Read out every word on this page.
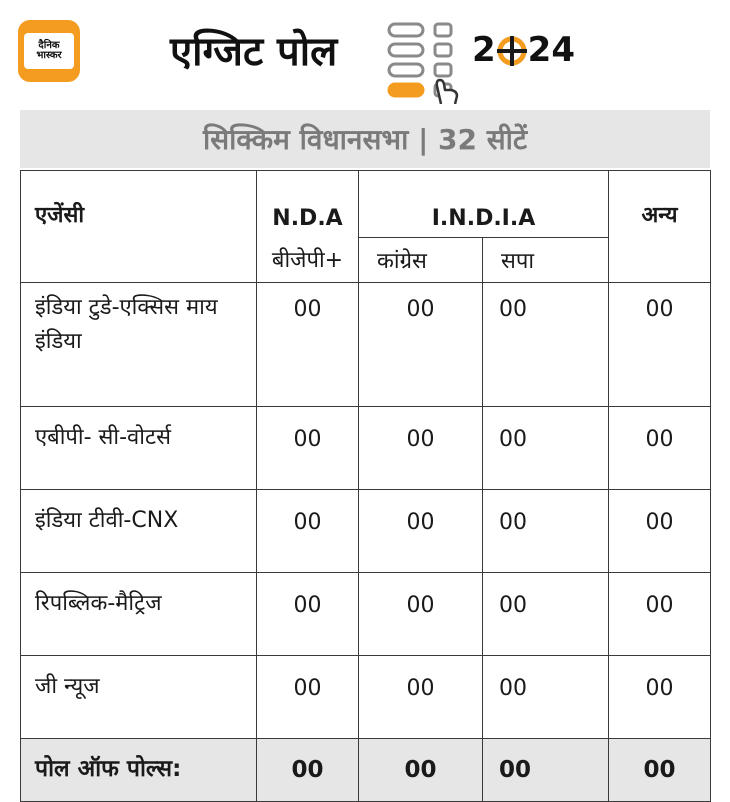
दैनिक
भास्कर	एग्जिट पोल	2 24
सिक्किम विधानसभा | 32 सीटें
एजेंसी	N.D.A	I.N.D.I.A		अन्य
	बीजेपी+	कांग्रेस	सपा	
इंडिया टुडे-एक्सिस माय इंडिया	00	00	00	00
एबीपी- सी-वोटर्स	00	00	00	00
इंडिया टीवी-CNX	00	00	00	00
रिपब्लिक-मैट्रिज	00	00	00	00
जी न्यूज	00	00	00	00
पोल ऑफ पोल्स:	00	00	00	00
